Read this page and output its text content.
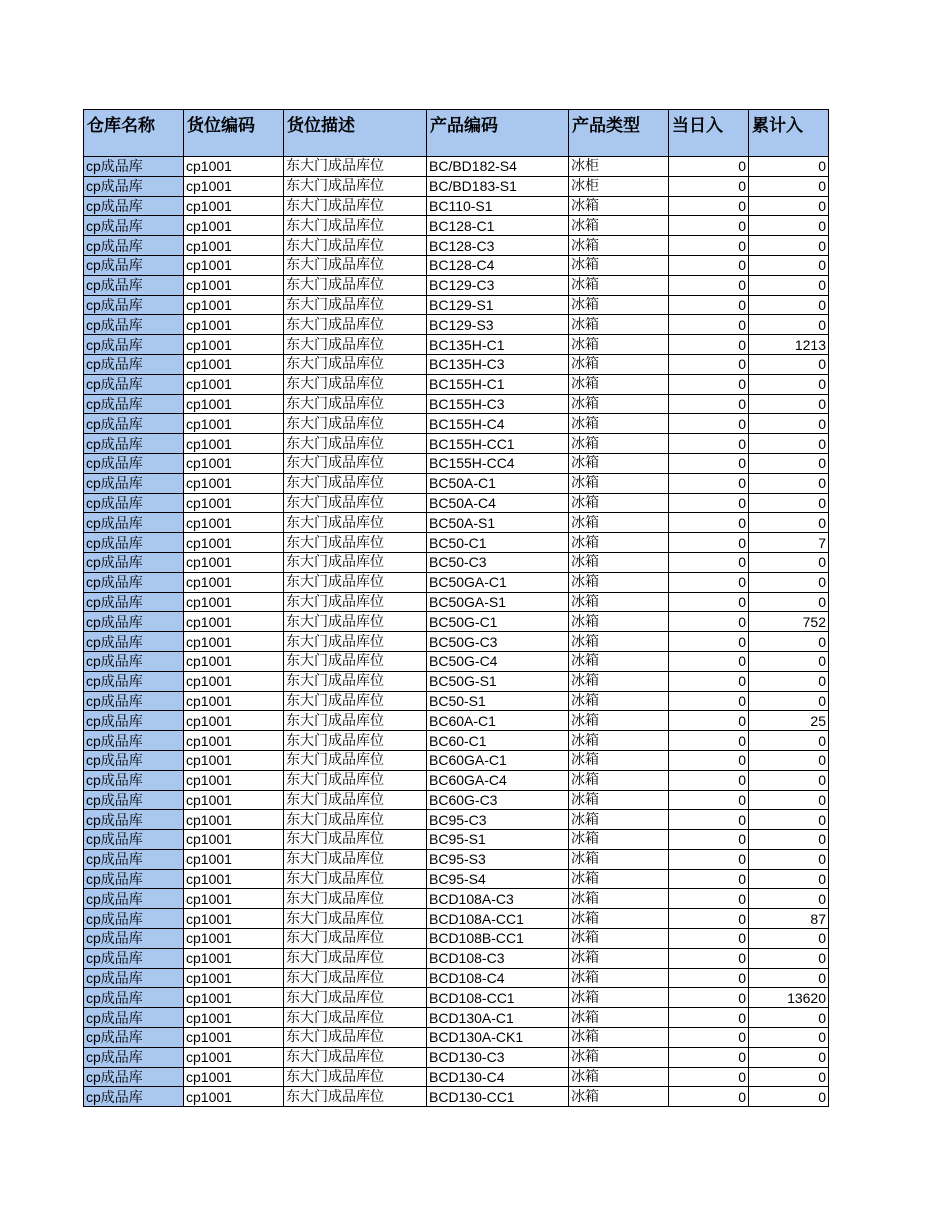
仓库名称	货位编码	货位描述	产品编码	产品类型	当日入	累计入
cp成品库	cp1001	东大门成品库位	BC/BD182-S4	冰柜	0	0
cp成品库	cp1001	东大门成品库位	BC/BD183-S1	冰柜	0	0
cp成品库	cp1001	东大门成品库位	BC110-S1	冰箱	0	0
cp成品库	cp1001	东大门成品库位	BC128-C1	冰箱	0	0
cp成品库	cp1001	东大门成品库位	BC128-C3	冰箱	0	0
cp成品库	cp1001	东大门成品库位	BC128-C4	冰箱	0	0
cp成品库	cp1001	东大门成品库位	BC129-C3	冰箱	0	0
cp成品库	cp1001	东大门成品库位	BC129-S1	冰箱	0	0
cp成品库	cp1001	东大门成品库位	BC129-S3	冰箱	0	0
cp成品库	cp1001	东大门成品库位	BC135H-C1	冰箱	0	1213
cp成品库	cp1001	东大门成品库位	BC135H-C3	冰箱	0	0
cp成品库	cp1001	东大门成品库位	BC155H-C1	冰箱	0	0
cp成品库	cp1001	东大门成品库位	BC155H-C3	冰箱	0	0
cp成品库	cp1001	东大门成品库位	BC155H-C4	冰箱	0	0
cp成品库	cp1001	东大门成品库位	BC155H-CC1	冰箱	0	0
cp成品库	cp1001	东大门成品库位	BC155H-CC4	冰箱	0	0
cp成品库	cp1001	东大门成品库位	BC50A-C1	冰箱	0	0
cp成品库	cp1001	东大门成品库位	BC50A-C4	冰箱	0	0
cp成品库	cp1001	东大门成品库位	BC50A-S1	冰箱	0	0
cp成品库	cp1001	东大门成品库位	BC50-C1	冰箱	0	7
cp成品库	cp1001	东大门成品库位	BC50-C3	冰箱	0	0
cp成品库	cp1001	东大门成品库位	BC50GA-C1	冰箱	0	0
cp成品库	cp1001	东大门成品库位	BC50GA-S1	冰箱	0	0
cp成品库	cp1001	东大门成品库位	BC50G-C1	冰箱	0	752
cp成品库	cp1001	东大门成品库位	BC50G-C3	冰箱	0	0
cp成品库	cp1001	东大门成品库位	BC50G-C4	冰箱	0	0
cp成品库	cp1001	东大门成品库位	BC50G-S1	冰箱	0	0
cp成品库	cp1001	东大门成品库位	BC50-S1	冰箱	0	0
cp成品库	cp1001	东大门成品库位	BC60A-C1	冰箱	0	25
cp成品库	cp1001	东大门成品库位	BC60-C1	冰箱	0	0
cp成品库	cp1001	东大门成品库位	BC60GA-C1	冰箱	0	0
cp成品库	cp1001	东大门成品库位	BC60GA-C4	冰箱	0	0
cp成品库	cp1001	东大门成品库位	BC60G-C3	冰箱	0	0
cp成品库	cp1001	东大门成品库位	BC95-C3	冰箱	0	0
cp成品库	cp1001	东大门成品库位	BC95-S1	冰箱	0	0
cp成品库	cp1001	东大门成品库位	BC95-S3	冰箱	0	0
cp成品库	cp1001	东大门成品库位	BC95-S4	冰箱	0	0
cp成品库	cp1001	东大门成品库位	BCD108A-C3	冰箱	0	0
cp成品库	cp1001	东大门成品库位	BCD108A-CC1	冰箱	0	87
cp成品库	cp1001	东大门成品库位	BCD108B-CC1	冰箱	0	0
cp成品库	cp1001	东大门成品库位	BCD108-C3	冰箱	0	0
cp成品库	cp1001	东大门成品库位	BCD108-C4	冰箱	0	0
cp成品库	cp1001	东大门成品库位	BCD108-CC1	冰箱	0	13620
cp成品库	cp1001	东大门成品库位	BCD130A-C1	冰箱	0	0
cp成品库	cp1001	东大门成品库位	BCD130A-CK1	冰箱	0	0
cp成品库	cp1001	东大门成品库位	BCD130-C3	冰箱	0	0
cp成品库	cp1001	东大门成品库位	BCD130-C4	冰箱	0	0
cp成品库	cp1001	东大门成品库位	BCD130-CC1	冰箱	0	0
